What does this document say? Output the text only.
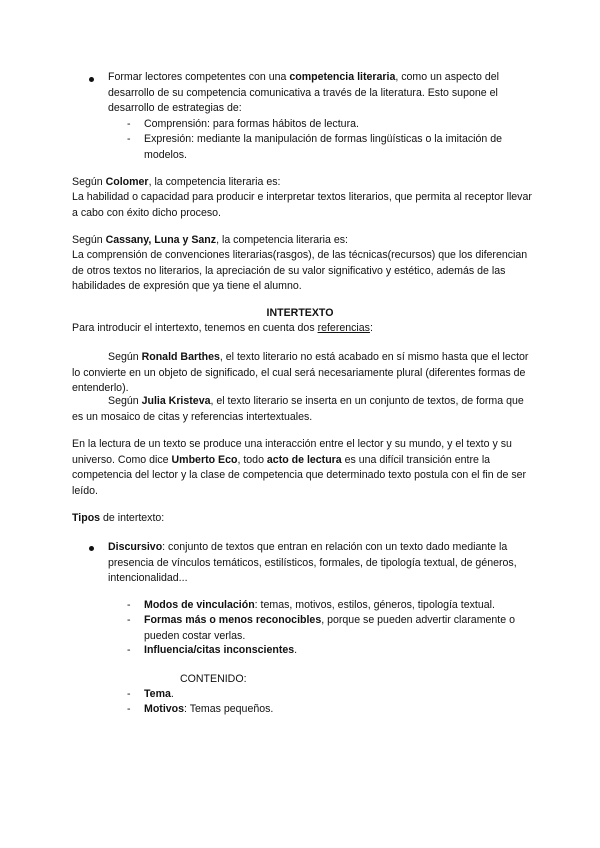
Formar lectores competentes con una competencia literaria, como un aspecto del desarrollo de su competencia comunicativa a través de la literatura. Esto supone el desarrollo de estrategias de:
- Comprensión: para formas hábitos de lectura.
- Expresión: mediante la manipulación de formas lingüísticas o la imitación de modelos.
Según Colomer, la competencia literaria es:
La habilidad o capacidad para producir e interpretar textos literarios, que permita al receptor llevar a cabo con éxito dicho proceso.
Según Cassany, Luna y Sanz, la competencia literaria es:
La comprensión de convenciones literarias(rasgos), de las técnicas(recursos) que los diferencian de otros textos no literarios, la apreciación de su valor significativo y estético, además de las habilidades de expresión que ya tiene el alumno.
INTERTEXTO
Para introducir el intertexto, tenemos en cuenta dos referencias:
Según Ronald Barthes, el texto literario no está acabado en sí mismo hasta que el lector lo convierte en un objeto de significado, el cual será necesariamente plural (diferentes formas de entenderlo).
Según Julia Kristeva, el texto literario se inserta en un conjunto de textos, de forma que es un mosaico de citas y referencias intertextuales.
En la lectura de un texto se produce una interacción entre el lector y su mundo, y el texto y su universo. Como dice Umberto Eco, todo acto de lectura es una difícil transición entre la competencia del lector y la clase de competencia que determinado texto postula con el fin de ser leído.
Tipos de intertexto:
Discursivo: conjunto de textos que entran en relación con un texto dado mediante la presencia de vínculos temáticos, estilísticos, formales, de tipología textual, de géneros, intencionalidad...
- Modos de vinculación: temas, motivos, estilos, géneros, tipología textual.
- Formas más o menos reconocibles, porque se pueden advertir claramente o pueden costar verlas.
- Influencia/citas inconscientes.
CONTENIDO:
- Tema.
- Motivos: Temas pequeños.
